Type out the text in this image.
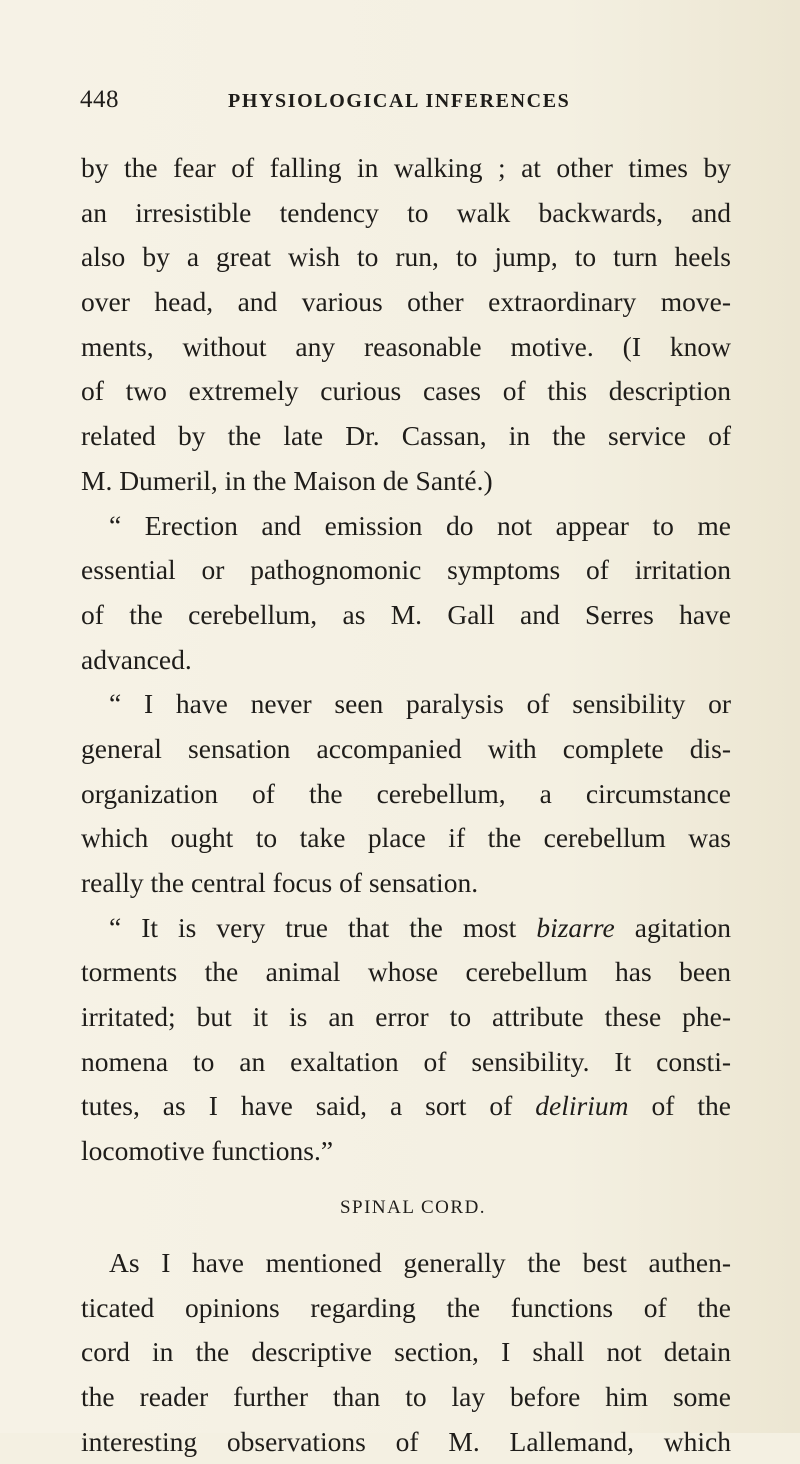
448	PHYSIOLOGICAL INFERENCES
by the fear of falling in walking ; at other times by
an irresistible tendency to walk backwards, and
also by a great wish to run, to jump, to turn heels
over head, and various other extraordinary move-
ments, without any reasonable motive. (I know
of two extremely curious cases of this description
related by the late Dr. Cassan, in the service of
M. Dumeril, in the Maison de Santé.)
“ Erection and emission do not appear to me
essential or pathognomonic symptoms of irritation
of the cerebellum, as M. Gall and Serres have
advanced.
“ I have never seen paralysis of sensibility or
general sensation accompanied with complete dis-
organization of the cerebellum, a circumstance
which ought to take place if the cerebellum was
really the central focus of sensation.
“ It is very true that the most bizarre agitation
torments the animal whose cerebellum has been
irritated; but it is an error to attribute these phe-
nomena to an exaltation of sensibility. It consti-
tutes, as I have said, a sort of delirium of the
locomotive functions.”
SPINAL CORD.
As I have mentioned generally the best authen-
ticated opinions regarding the functions of the
cord in the descriptive section, I shall not detain
the reader further than to lay before him some
interesting observations of M. Lallemand, which
